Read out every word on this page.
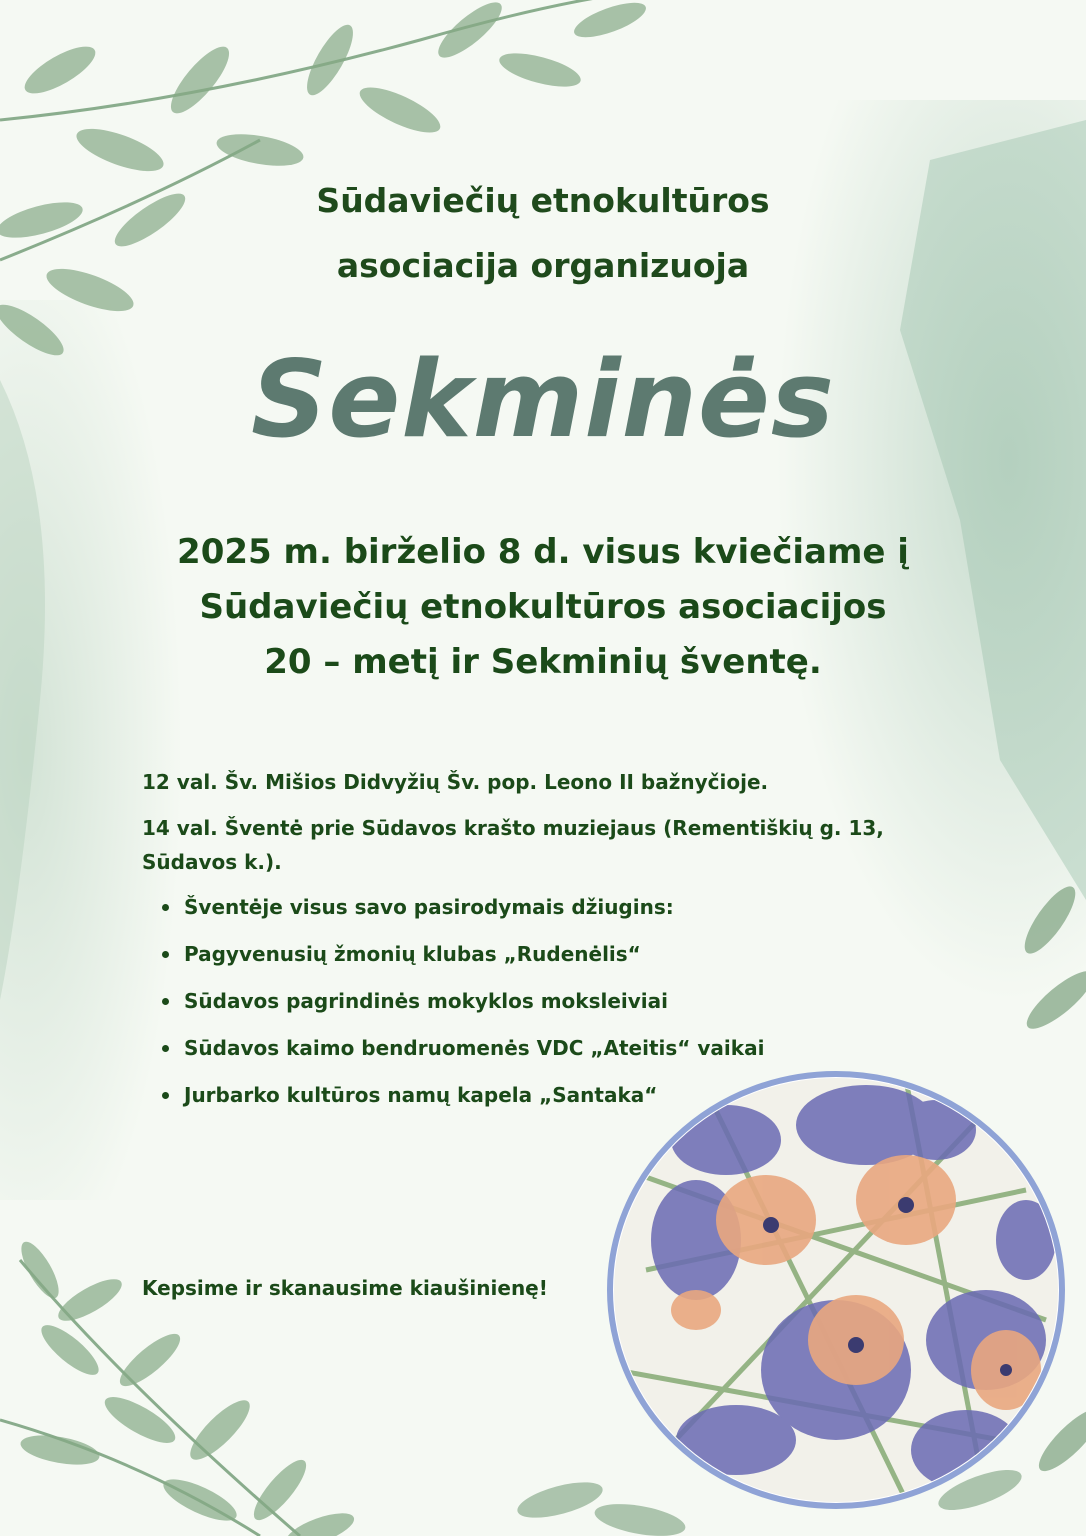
Sūdaviečių etnokultūros
asociacija organizuoja
Sekminės
2025 m. birželio 8 d. visus kviečiame į
Sūdaviečių etnokultūros asociacijos
20 – metį ir Sekminių šventę.

12 val. Šv. Mišios Didvyžių Šv. pop. Leono II bažnyčioje.

14 val. Šventė prie Sūdavos krašto muziejaus (Rementiškių g. 13, Sūdavos k.).

Šventėje visus savo pasirodymais džiugins:
Pagyvenusių žmonių klubas „Rudenėlis“
Sūdavos pagrindinės mokyklos moksleiviai
Sūdavos kaimo bendruomenės VDC „Ateitis“ vaikai
Jurbarko kultūros namų kapela „Santaka“
Kepsime ir skanausime kiaušinienę!
